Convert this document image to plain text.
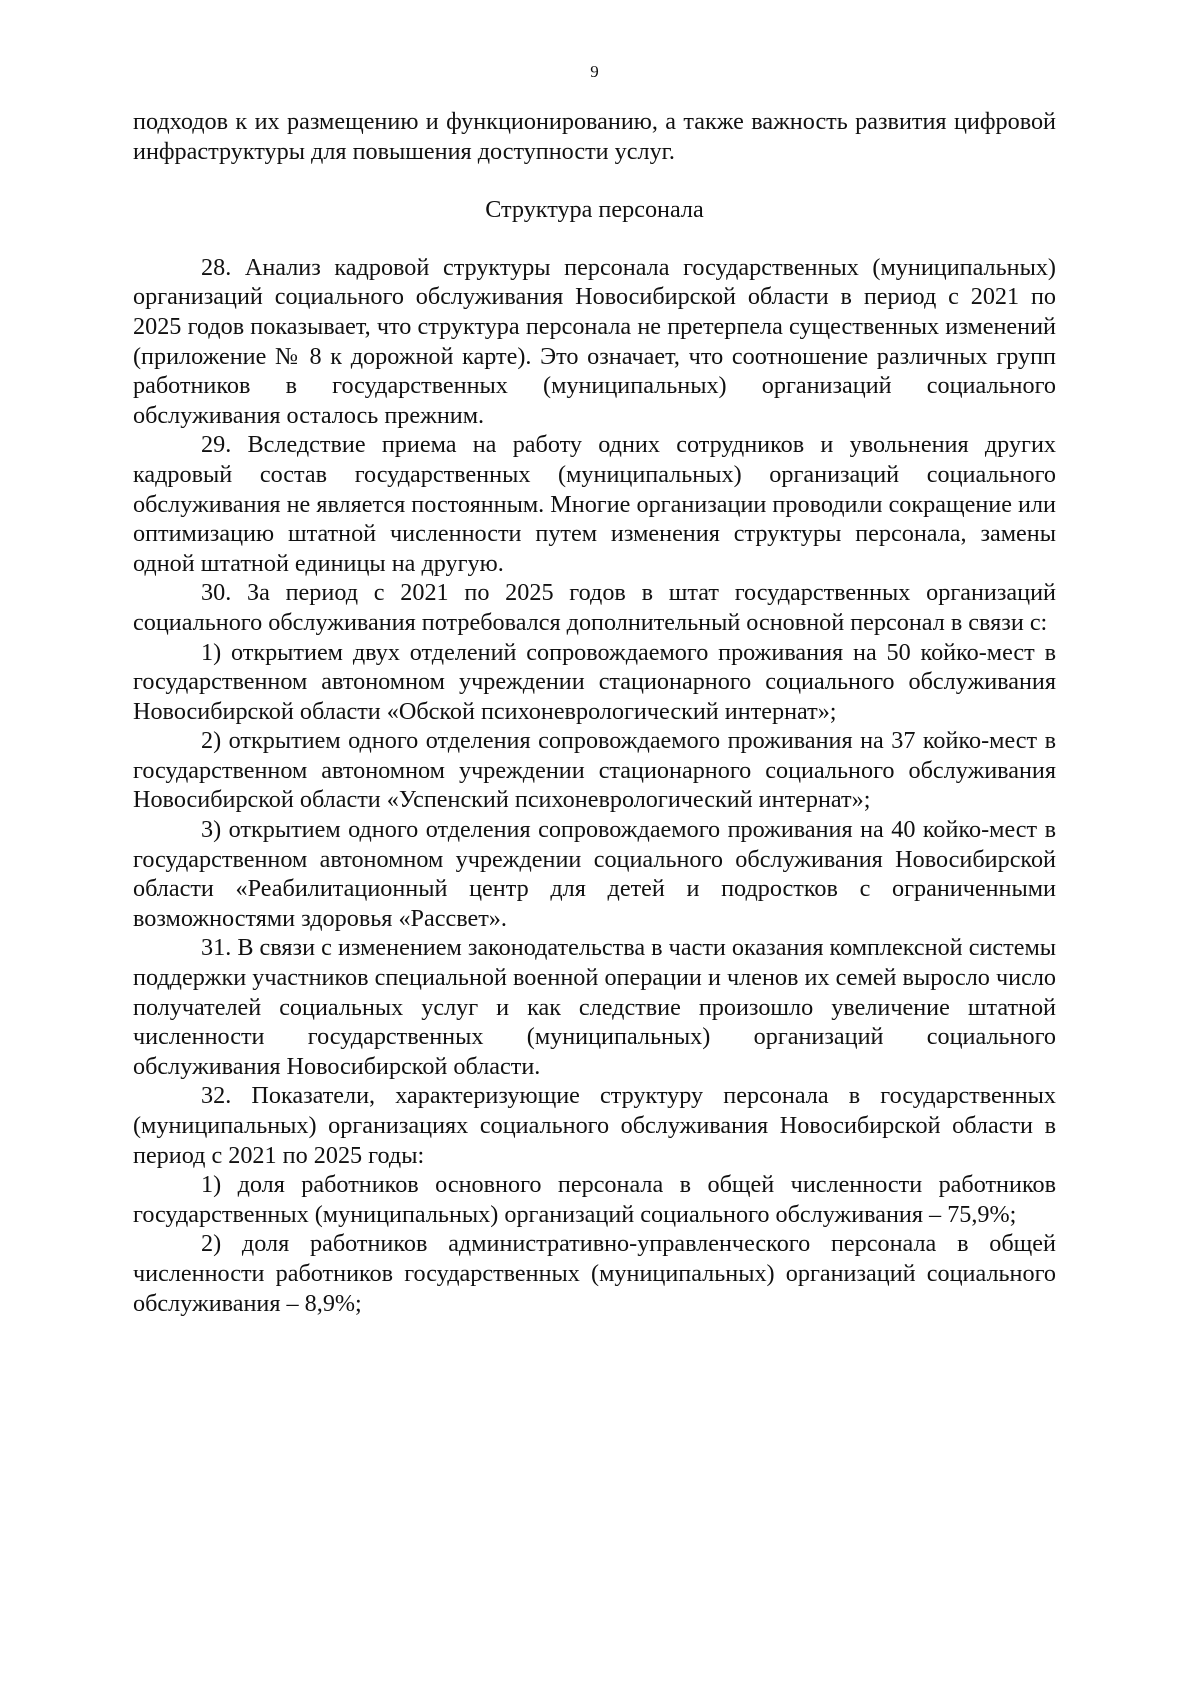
9

подходов к их размещению и функционированию, а также важность развития цифровой инфраструктуры для повышения доступности услуг.

Структура персонала

28. Анализ кадровой структуры персонала государственных (муниципальных) организаций социального обслуживания Новосибирской области в период с 2021 по 2025 годов показывает, что структура персонала не претерпела существенных изменений (приложение № 8 к дорожной карте). Это означает, что соотношение различных групп работников в государственных (муниципальных) организаций социального обслуживания осталось прежним.

29. Вследствие приема на работу одних сотрудников и увольнения других кадровый состав государственных (муниципальных) организаций социального обслуживания не является постоянным. Многие организации проводили сокращение или оптимизацию штатной численности путем изменения структуры персонала, замены одной штатной единицы на другую.

30. За период с 2021 по 2025 годов в штат государственных организаций социального обслуживания потребовался дополнительный основной персонал в связи с:

1) открытием двух отделений сопровождаемого проживания на 50 койко-мест в государственном автономном учреждении стационарного социального обслуживания Новосибирской области «Обской психоневрологический интернат»;

2) открытием одного отделения сопровождаемого проживания на 37 койко-мест в государственном автономном учреждении стационарного социального обслуживания Новосибирской области «Успенский психоневрологический интернат»;

3) открытием одного отделения сопровождаемого проживания на 40 койко-мест в государственном автономном учреждении социального обслуживания Новосибирской области «Реабилитационный центр для детей и подростков с ограниченными возможностями здоровья «Рассвет».

31. В связи с изменением законодательства в части оказания комплексной системы поддержки участников специальной военной операции и членов их семей выросло число получателей социальных услуг и как следствие произошло увеличение штатной численности государственных (муниципальных) организаций социального обслуживания Новосибирской области.

32. Показатели, характеризующие структуру персонала в государственных (муниципальных) организациях социального обслуживания Новосибирской области в период с 2021 по 2025 годы:

1) доля работников основного персонала в общей численности работников государственных (муниципальных) организаций социального обслуживания – 75,9%;

2) доля работников административно-управленческого персонала в общей численности работников государственных (муниципальных) организаций социального обслуживания – 8,9%;
